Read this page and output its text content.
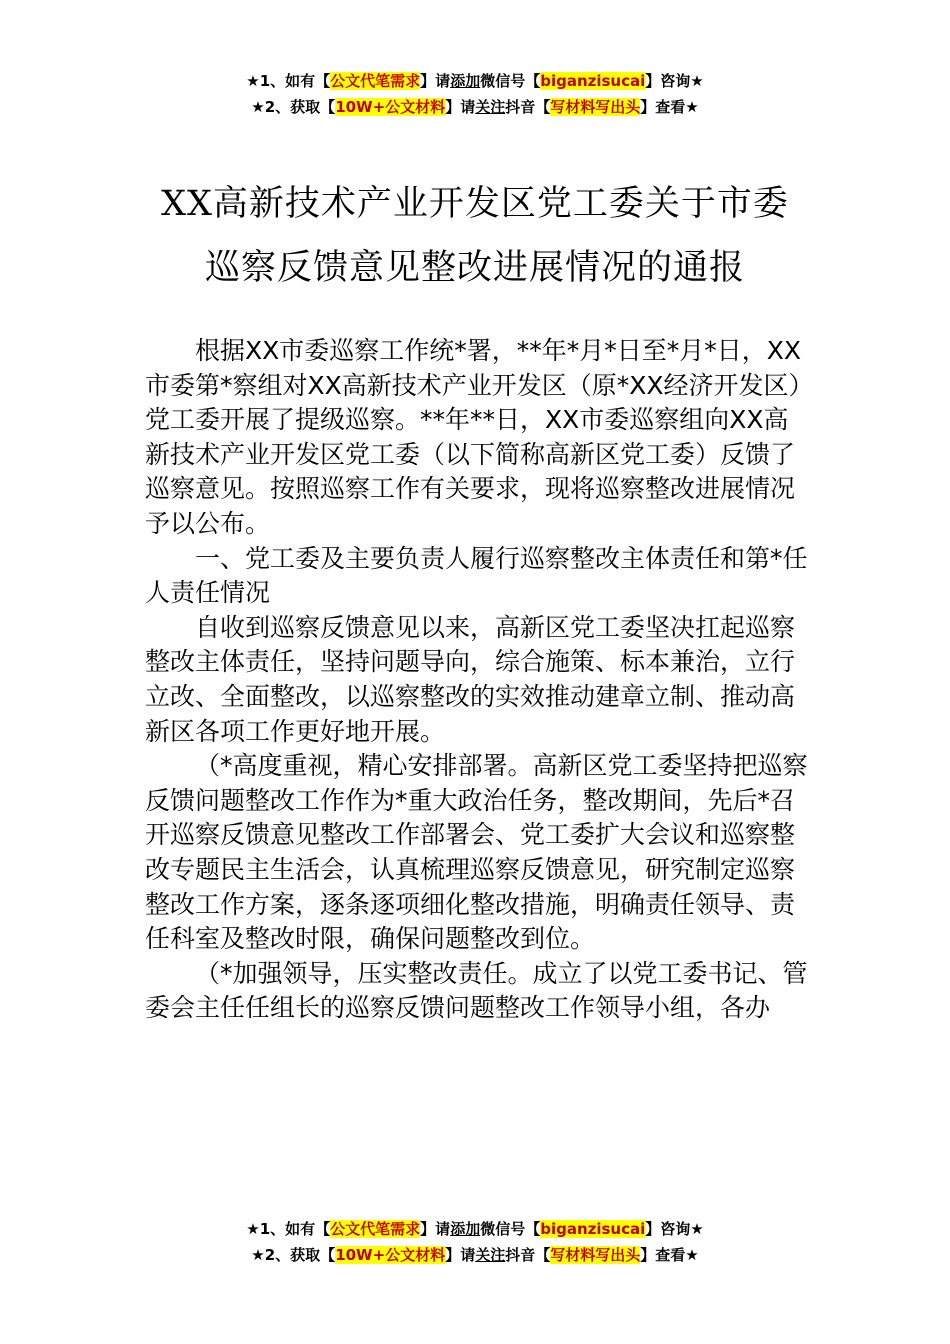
★1、如有【公文代笔需求】请添加微信号【biganzisucai】咨询★
★2、获取【10W+公文材料】请关注抖音【写材料写出头】查看★
XX高新技术产业开发区党工委关于市委
巡察反馈意见整改进展情况的通报

根据XX市委巡察工作统*署，**年*月*日至*月*日，XX市委第*察组对XX高新技术产业开发区（原*XX经济开发区）党工委开展了提级巡察。**年**日，XX市委巡察组向XX高新技术产业开发区党工委（以下简称高新区党工委）反馈了巡察意见。按照巡察工作有关要求，现将巡察整改进展情况予以公布。

一、党工委及主要负责人履行巡察整改主体责任和第*任人责任情况

自收到巡察反馈意见以来，高新区党工委坚决扛起巡察整改主体责任，坚持问题导向，综合施策、标本兼治，立行立改、全面整改，以巡察整改的实效推动建章立制、推动高新区各项工作更好地开展。

（*高度重视，精心安排部署。高新区党工委坚持把巡察反馈问题整改工作作为*重大政治任务，整改期间，先后*召开巡察反馈意见整改工作部署会、党工委扩大会议和巡察整改专题民主生活会，认真梳理巡察反馈意见，研究制定巡察整改工作方案，逐条逐项细化整改措施，明确责任领导、责任科室及整改时限，确保问题整改到位。

（*加强领导，压实整改责任。成立了以党工委书记、管委会主任任组长的巡察反馈问题整改工作领导小组，各办

★1、如有【公文代笔需求】请添加微信号【biganzisucai】咨询★
★2、获取【10W+公文材料】请关注抖音【写材料写出头】查看★
